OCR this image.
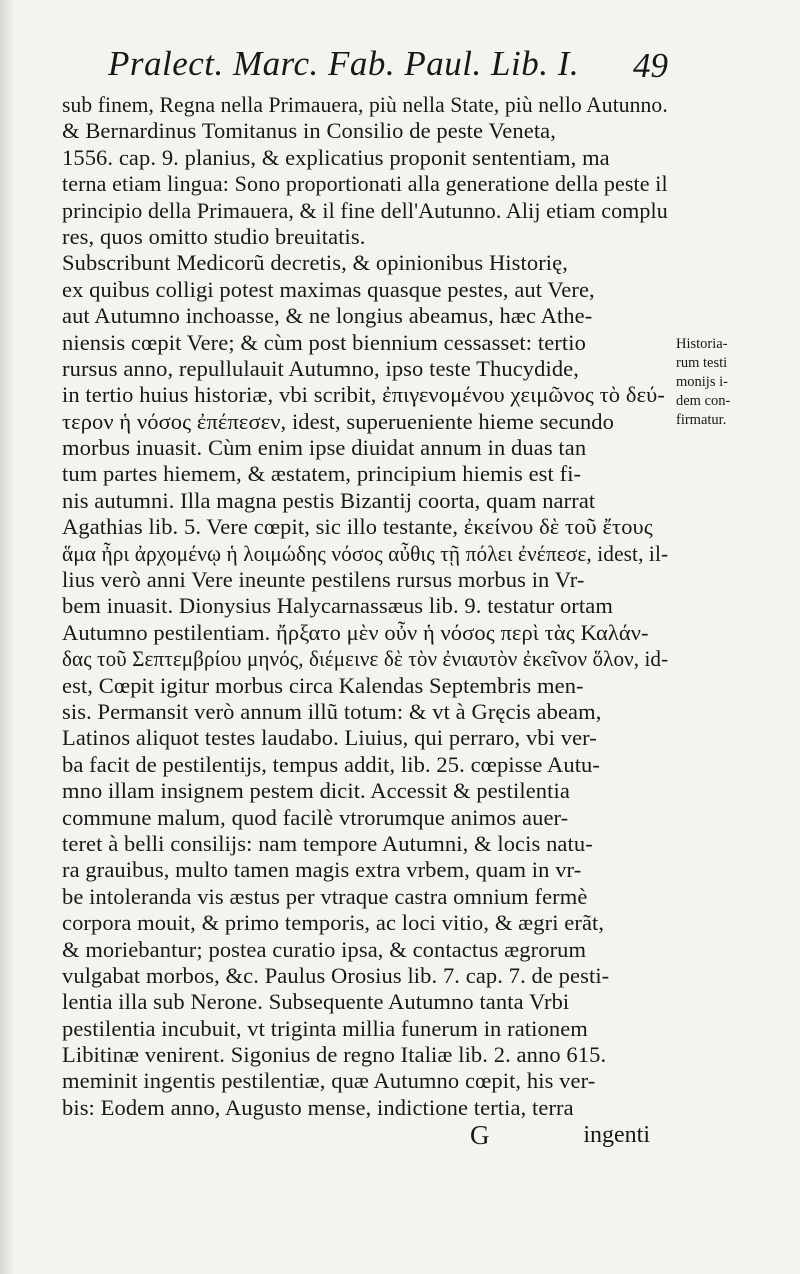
Pralect. Marc. Fab. Paul. Lib. I. 49
sub finem, Regna nella Primauera, più nella State, più nello Autunno.
& Bernardinus Tomitanus in Consilio de peste Veneta,
1556. cap. 9. planius, & explicatius proponit sententiam, ma
terna etiam lingua: Sono proportionati alla generatione della peste il
principio della Primauera, & il fine dell'Autunno. Alij etiam complu
res, quos omitto studio breuitatis.
Subscribunt Medicorũ decretis, & opinionibus Historię,
ex quibus colligi potest maximas quasque pestes, aut Vere,
aut Autumno inchoasse, & ne longius abeamus, hæc Athe-
niensis cœpit Vere; & cùm post biennium cessasset: tertio
rursus anno, repullulauit Autumno, ipso teste Thucydide,
in tertio huius historiæ, vbi scribit, ἐπιγενομένου χειμῶνος τὸ δεύ-
τερον ἡ νόσος ἐπέπεσεν, idest, superueniente hieme secundo
morbus inuasit. Cùm enim ipse diuidat annum in duas tan
tum partes hiemem, & æstatem, principium hiemis est fi-
nis autumni. Illa magna pestis Bizantij coorta, quam narrat
Agathias lib. 5. Vere cœpit, sic illo testante, ἐκείνου δὲ τοῦ ἔτους
ἅμα ἦρι ἀρχομένῳ ἡ λοιμώδης νόσος αὖθις τῇ πόλει ἐνέπεσε, idest, il-
lius verò anni Vere ineunte pestilens rursus morbus in Vr-
bem inuasit. Dionysius Halycarnassæus lib. 9. testatur ortam
Autumno pestilentiam. ἤρξατο μὲν οὖν ἡ νόσος περὶ τὰς Καλάν-
δας τοῦ Σεπτεμβρίου μηνός, διέμεινε δὲ τὸν ἐνιαυτὸν ἐκεῖνον ὅλον, id-
est, Cœpit igitur morbus circa Kalendas Septembris men-
sis. Permansit verò annum illũ totum: & vt à Gręcis abeam,
Latinos aliquot testes laudabo. Liuius, qui perraro, vbi ver-
ba facit de pestilentijs, tempus addit, lib. 25. cœpisse Autu-
mno illam insignem pestem dicit. Accessit & pestilentia
commune malum, quod facilè vtrorumque animos auer-
teret à belli consilijs: nam tempore Autumni, & locis natu-
ra grauibus, multo tamen magis extra vrbem, quam in vr-
be intoleranda vis æstus per vtraque castra omnium fermè
corpora mouit, & primo temporis, ac loci vitio, & ægri erãt,
& moriebantur; postea curatio ipsa, & contactus ægrorum
vulgabat morbos, &c. Paulus Orosius lib. 7. cap. 7. de pesti-
lentia illa sub Nerone. Subsequente Autumno tanta Vrbi
pestilentia incubuit, vt triginta millia funerum in rationem
Libitinæ venirent. Sigonius de regno Italiæ lib. 2. anno 615.
meminit ingentis pestilentiæ, quæ Autumno cœpit, his ver-
bis: Eodem anno, Augusto mense, indictione tertia, terra
Historia-
rum testi
monijs i-
dem con-
firmatur.
G	ingenti
